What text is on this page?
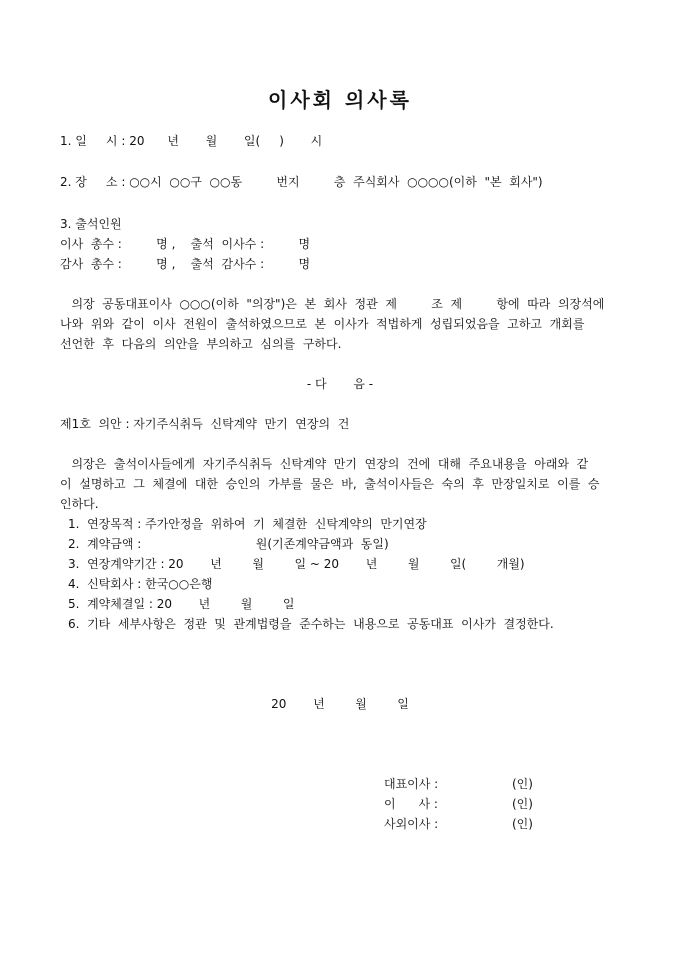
이사회 의사록
1. 일     시 : 20      년       월       일(     )       시
2. 장     소 : ○○시  ○○구  ○○동         번지         층  주식회사  ○○○○(이하  "본  회사")
3. 출석인원
이사  총수 :         명 ,    출석  이사수 :         명
감사  총수 :         명 ,    출석  감사수 :         명
의장  공동대표이사  ○○○(이하  "의장")은  본  회사  정관  제         조  제         항에  따라  의장석에
나와  위와  같이  이사  전원이  출석하였으므로  본  이사가  적법하게  성립되었음을  고하고  개회를
선언한  후  다음의  의안을  부의하고  심의를  구하다.
- 다       음 -
제1호  의안 : 자기주식취득  신탁계약  만기  연장의  건
의장은  출석이사들에게  자기주식취득  신탁계약  만기  연장의  건에  대해  주요내용을  아래와  같
이  설명하고  그  체결에  대한  승인의  가부를  물은  바,  출석이사들은  숙의  후  만장일치로  이를  승
인하다.
1.  연장목적 : 주가안정을  위하여  기  체결한  신탁계약의  만기연장
2.  계약금액 :                              원(기존계약금액과  동일)
3.  연장계약기간 : 20       년        월        일 ~ 20       년        월        일(        개월)
4.  신탁회사 : 한국○○은행
5.  계약체결일 : 20       년        월        일
6.  기타  세부사항은  정관  및  관계법령을  준수하는  내용으로  공동대표  이사가  결정한다.
20       년        월        일
대표이사 :	(인)
이      사 :	(인)
사외이사 :	(인)
